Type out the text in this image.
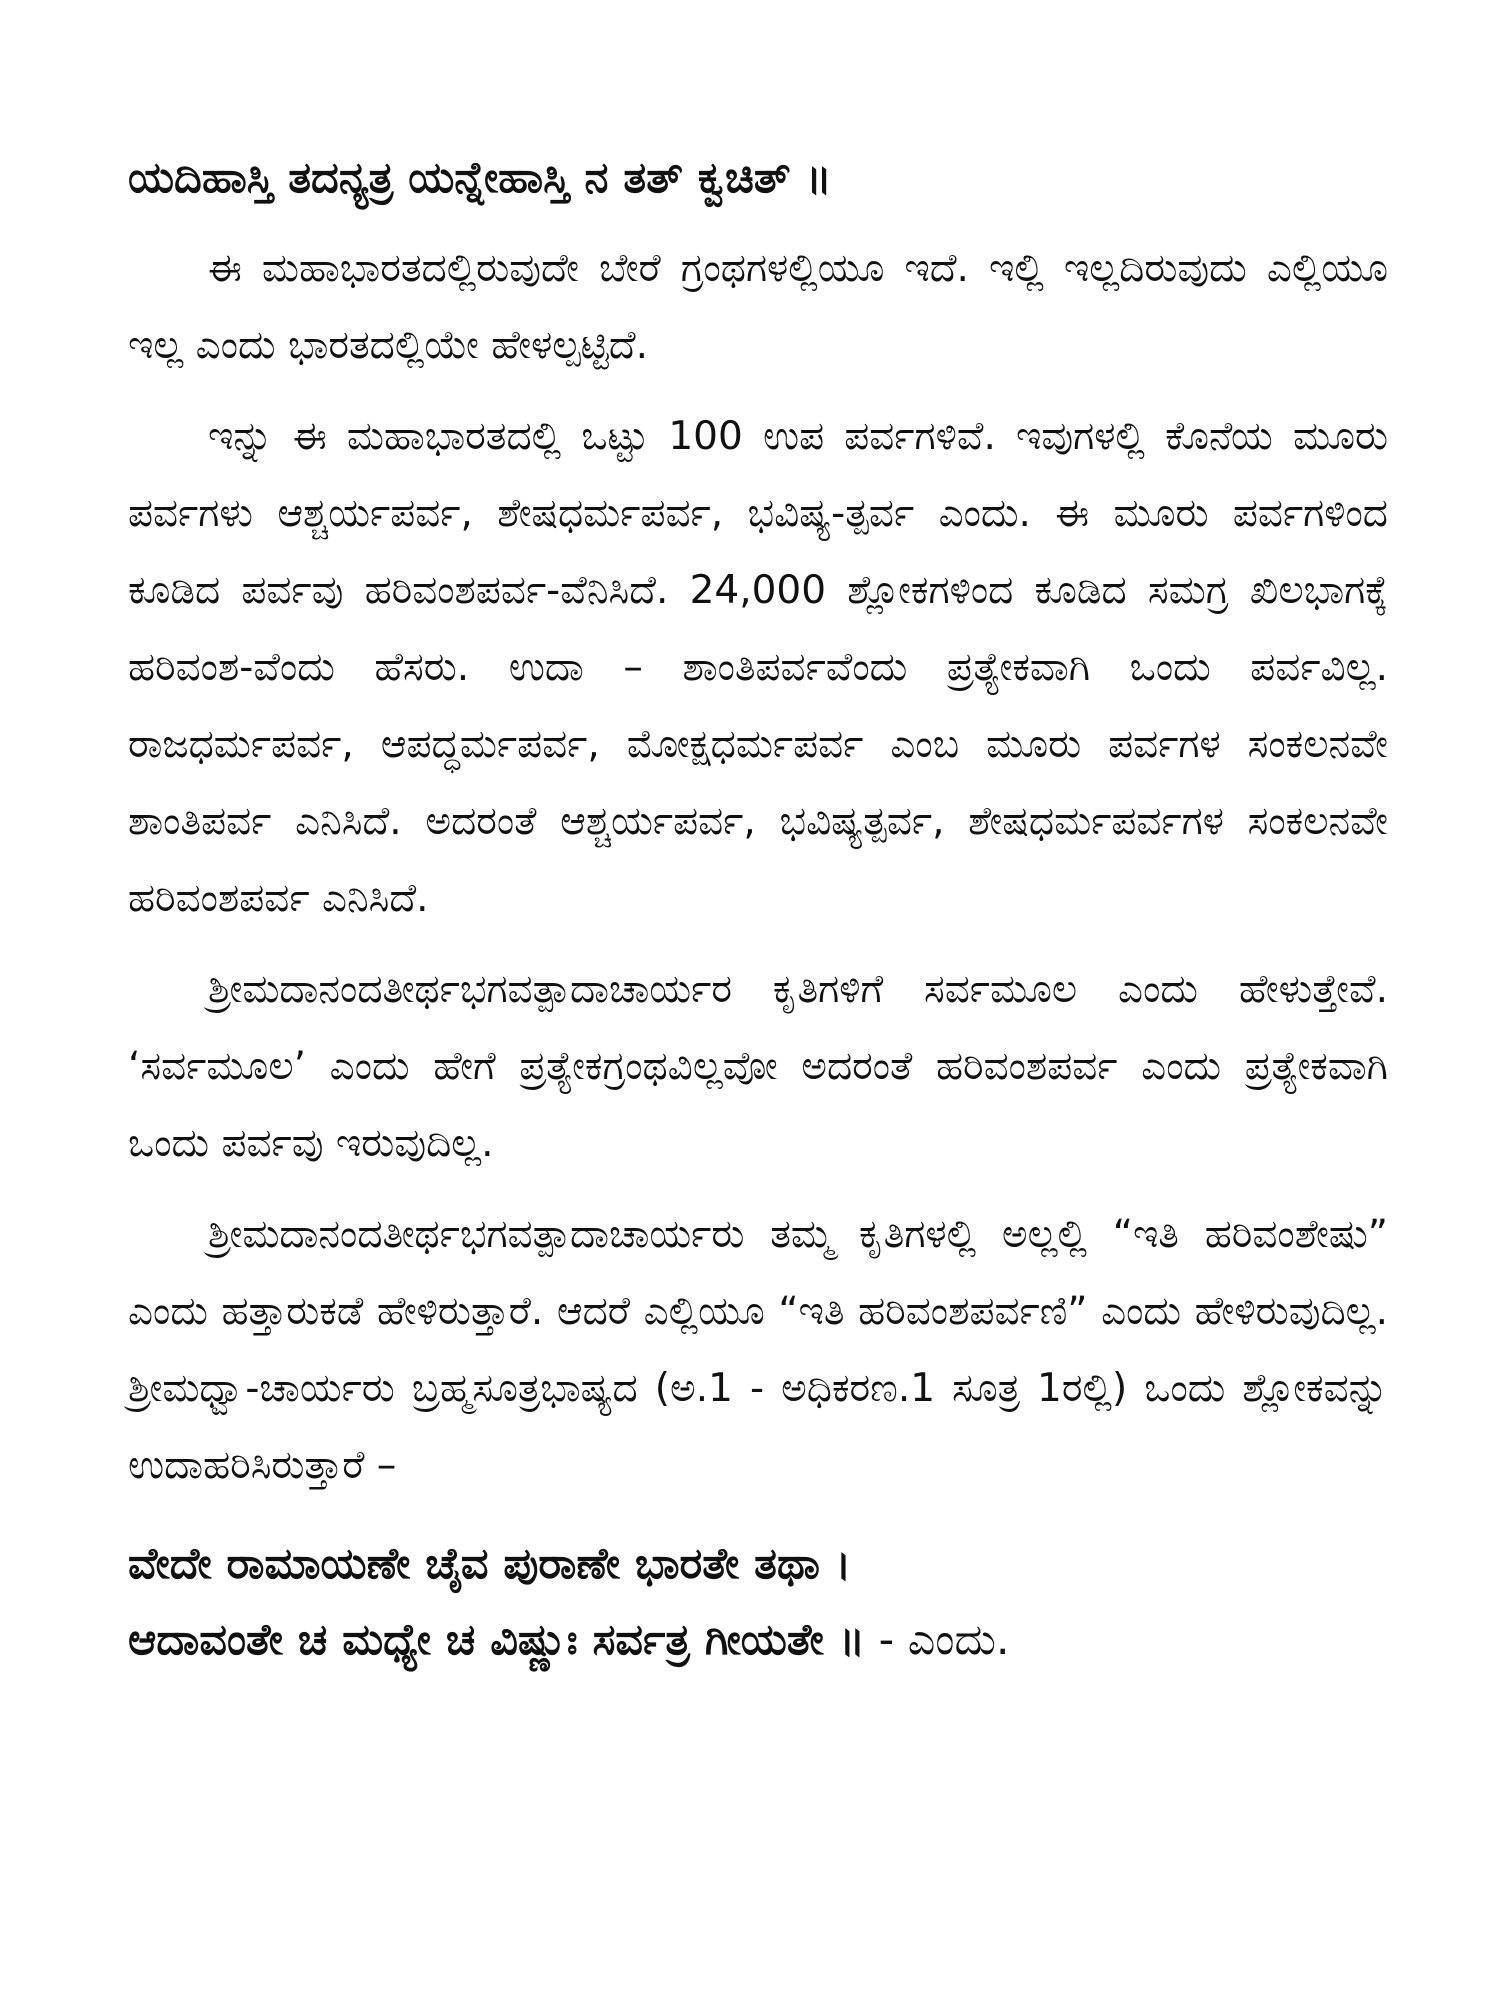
ಯದಿಹಾಸ್ತಿ ತದನ್ಯತ್ರ ಯನ್ನೇಹಾಸ್ತಿ ನ ತತ್ ಕ್ವಚಿತ್ ॥

ಈ ಮಹಾಭಾರತದಲ್ಲಿರುವುದೇ ಬೇರೆ ಗ್ರಂಥಗಳಲ್ಲಿಯೂ ಇದೆ. ಇಲ್ಲಿ ಇಲ್ಲದಿರುವುದು ಎಲ್ಲಿಯೂ ಇಲ್ಲ ಎಂದು ಭಾರತದಲ್ಲಿಯೇ ಹೇಳಲ್ಪಟ್ಟಿದೆ.

ಇನ್ನು ಈ ಮಹಾಭಾರತದಲ್ಲಿ ಒಟ್ಟು 100 ಉಪ ಪರ್ವಗಳಿವೆ. ಇವುಗಳಲ್ಲಿ ಕೊನೆಯ ಮೂರು ಪರ್ವಗಳು ಆಶ್ಚರ್ಯಪರ್ವ, ಶೇಷಧರ್ಮಪರ್ವ, ಭವಿಷ್ಯ-ತ್ಪರ್ವ ಎಂದು. ಈ ಮೂರು ಪರ್ವಗಳಿಂದ ಕೂಡಿದ ಪರ್ವವು ಹರಿವಂಶಪರ್ವ-ವೆನಿಸಿದೆ. 24,000 ಶ್ಲೋಕಗಳಿಂದ ಕೂಡಿದ ಸಮಗ್ರ ಖಿಲಭಾಗಕ್ಕೆ ಹರಿವಂಶ-ವೆಂದು ಹೆಸರು. ಉದಾ – ಶಾಂತಿಪರ್ವವೆಂದು ಪ್ರತ್ಯೇಕವಾಗಿ ಒಂದು ಪರ್ವವಿಲ್ಲ. ರಾಜಧರ್ಮಪರ್ವ, ಆಪದ್ಧರ್ಮಪರ್ವ, ಮೋಕ್ಷಧರ್ಮಪರ್ವ ಎಂಬ ಮೂರು ಪರ್ವಗಳ ಸಂಕಲನವೇ ಶಾಂತಿಪರ್ವ ಎನಿಸಿದೆ. ಅದರಂತೆ ಆಶ್ಚರ್ಯಪರ್ವ, ಭವಿಷ್ಯತ್ಪರ್ವ, ಶೇಷಧರ್ಮಪರ್ವಗಳ ಸಂಕಲನವೇ ಹರಿವಂಶಪರ್ವ ಎನಿಸಿದೆ.

ಶ್ರೀಮದಾನಂದತೀರ್ಥಭಗವತ್ಪಾದಾಚಾರ್ಯರ ಕೃತಿಗಳಿಗೆ ಸರ್ವಮೂಲ ಎಂದು ಹೇಳುತ್ತೇವೆ. ‘ಸರ್ವಮೂಲ’ ಎಂದು ಹೇಗೆ ಪ್ರತ್ಯೇಕಗ್ರಂಥವಿಲ್ಲವೋ ಅದರಂತೆ ಹರಿವಂಶಪರ್ವ ಎಂದು ಪ್ರತ್ಯೇಕವಾಗಿ ಒಂದು ಪರ್ವವು ಇರುವುದಿಲ್ಲ.

ಶ್ರೀಮದಾನಂದತೀರ್ಥಭಗವತ್ಪಾದಾಚಾರ್ಯರು ತಮ್ಮ ಕೃತಿಗಳಲ್ಲಿ ಅಲ್ಲಲ್ಲಿ “ಇತಿ ಹರಿವಂಶೇಷು” ಎಂದು ಹತ್ತಾರುಕಡೆ ಹೇಳಿರುತ್ತಾರೆ. ಆದರೆ ಎಲ್ಲಿಯೂ “ಇತಿ ಹರಿವಂಶಪರ್ವಣಿ” ಎಂದು ಹೇಳಿರುವುದಿಲ್ಲ. ಶ್ರೀಮಧ್ವಾ-ಚಾರ್ಯರು ಬ್ರಹ್ಮಸೂತ್ರಭಾಷ್ಯದ (ಅ.1 - ಅಧಿಕರಣ.1 ಸೂತ್ರ 1ರಲ್ಲಿ) ಒಂದು ಶ್ಲೋಕವನ್ನು ಉದಾಹರಿಸಿರುತ್ತಾರೆ –

ವೇದೇ ರಾಮಾಯಣೇ ಚೈವ ಪುರಾಣೇ ಭಾರತೇ ತಥಾ ।

ಆದಾವಂತೇ ಚ ಮಧ್ಯೇ ಚ ವಿಷ್ಣುಃ ಸರ್ವತ್ರ ಗೀಯತೇ ॥ - ಎಂದು.
